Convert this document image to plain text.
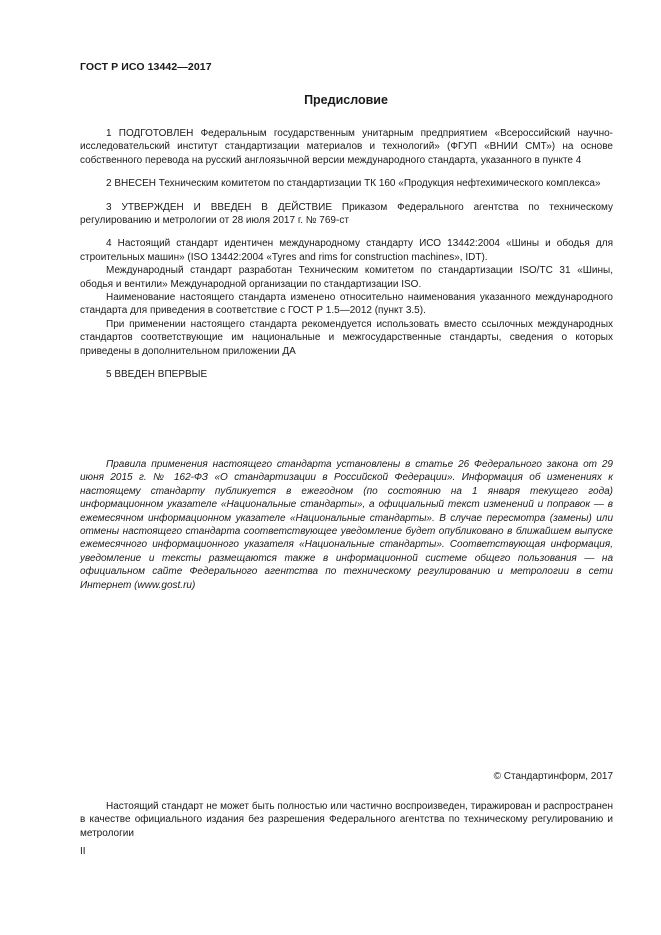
ГОСТ Р ИСО 13442—2017
Предисловие

1 ПОДГОТОВЛЕН Федеральным государственным унитарным предприятием «Всероссийский научно-исследовательский институт стандартизации материалов и технологий» (ФГУП «ВНИИ СМТ») на основе собственного перевода на русский англоязычной версии международного стандарта, указанного в пункте 4

2 ВНЕСЕН Техническим комитетом по стандартизации ТК 160 «Продукция нефтехимического комплекса»

3 УТВЕРЖДЕН И ВВЕДЕН В ДЕЙСТВИЕ Приказом Федерального агентства по техническому регулированию и метрологии от 28 июля 2017 г. № 769-ст

4 Настоящий стандарт идентичен международному стандарту ИСО 13442:2004 «Шины и ободья для строительных машин» (ISO 13442:2004 «Tyres and rims for construction machines», IDT).

Международный стандарт разработан Техническим комитетом по стандартизации ISO/TC 31 «Шины, ободья и вентили» Международной организации по стандартизации ISO.

Наименование настоящего стандарта изменено относительно наименования указанного международного стандарта для приведения в соответствие с ГОСТ Р 1.5—2012 (пункт 3.5).

При применении настоящего стандарта рекомендуется использовать вместо ссылочных международных стандартов соответствующие им национальные и межгосударственные стандарты, сведения о которых приведены в дополнительном приложении ДА

5 ВВЕДЕН ВПЕРВЫЕ

Правила применения настоящего стандарта установлены в статье 26 Федерального закона от 29 июня 2015 г. № 162-ФЗ «О стандартизации в Российской Федерации». Информация об изменениях к настоящему стандарту публикуется в ежегодном (по состоянию на 1 января текущего года) информационном указателе «Национальные стандарты», а официальный текст изменений и поправок — в ежемесячном информационном указателе «Национальные стандарты». В случае пересмотра (замены) или отмены настоящего стандарта соответствующее уведомление будет опубликовано в ближайшем выпуске ежемесячного информационного указателя «Национальные стандарты». Соответствующая информация, уведомление и тексты размещаются также в информационной системе общего пользования — на официальном сайте Федерального агентства по техническому регулированию и метрологии в сети Интернет (www.gost.ru)

© Стандартинформ, 2017

Настоящий стандарт не может быть полностью или частично воспроизведен, тиражирован и распространен в качестве официального издания без разрешения Федерального агентства по техническому регулированию и метрологии

II
